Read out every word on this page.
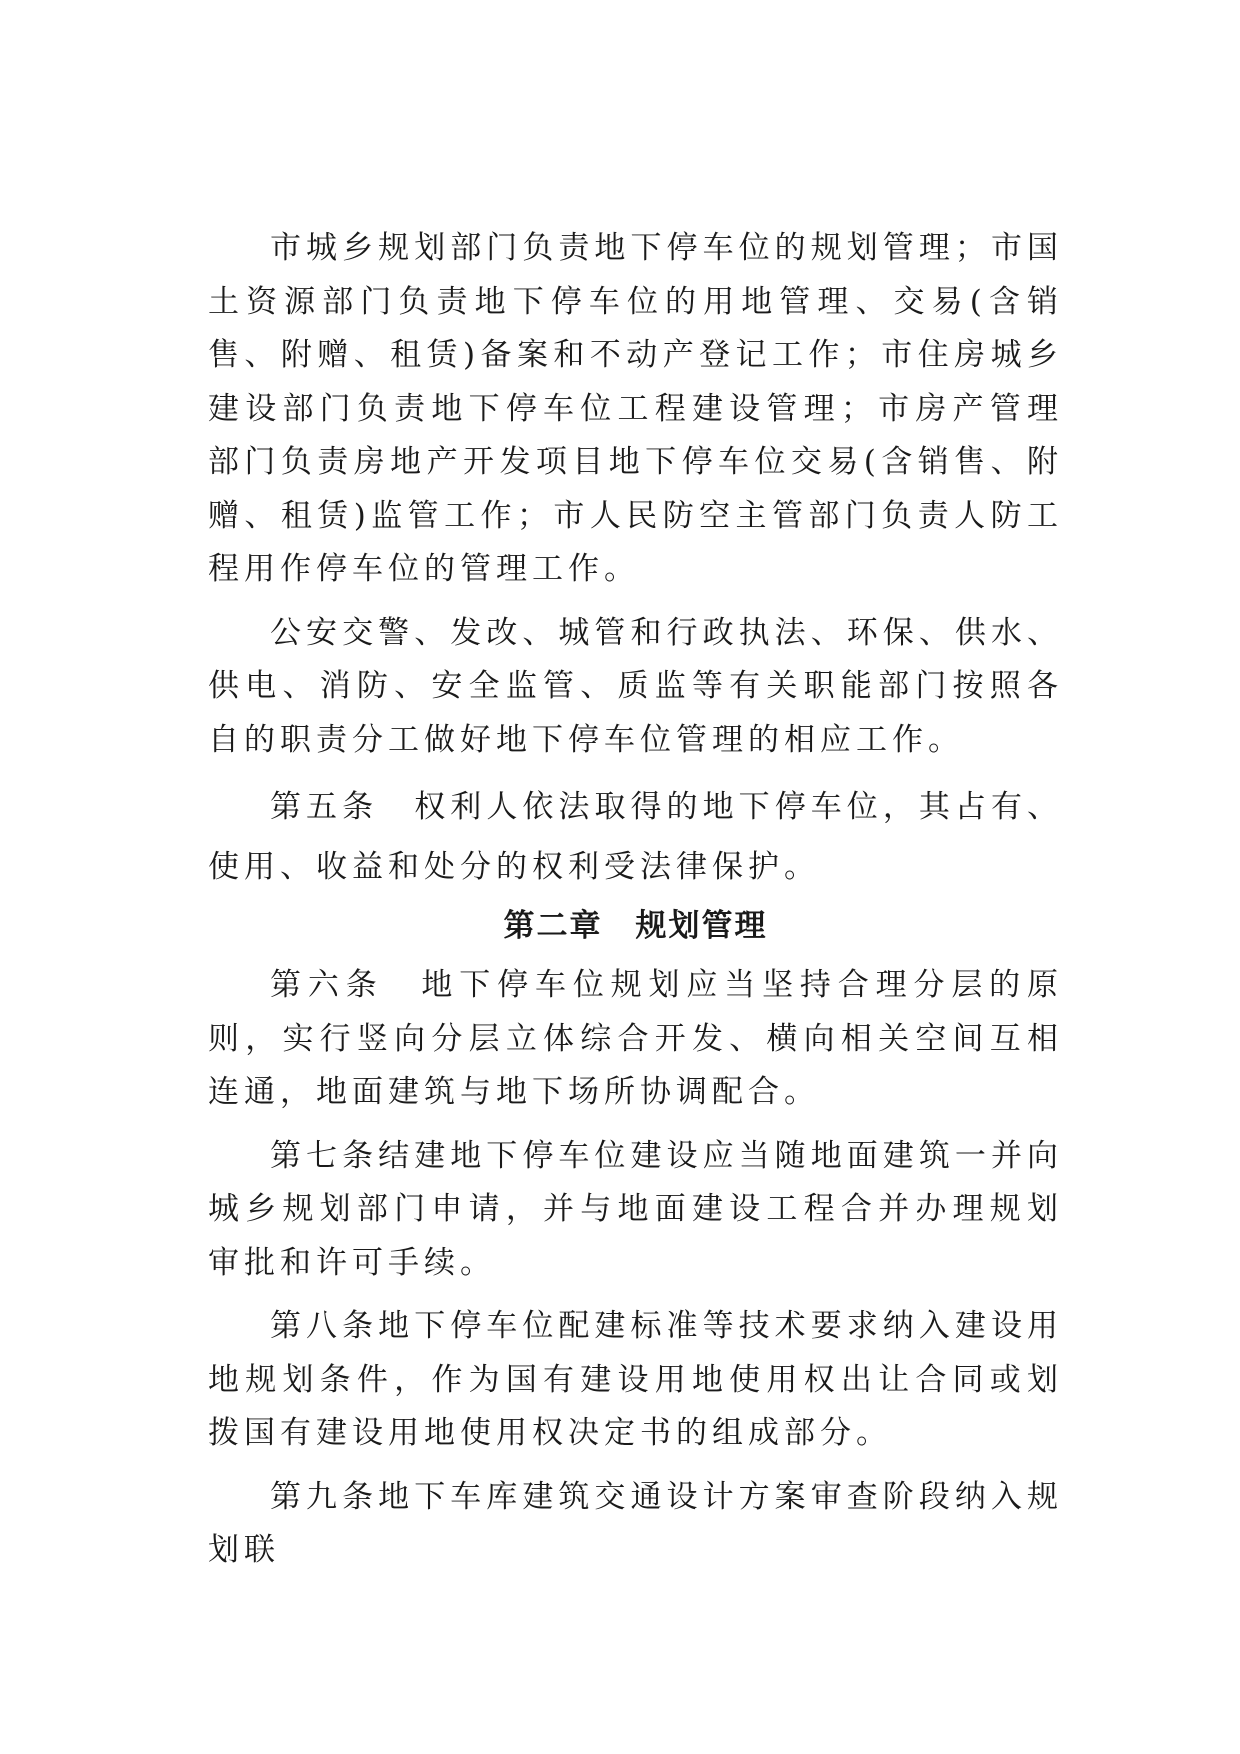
市城乡规划部门负责地下停车位的规划管理；市国土资源部门负责地下停车位的用地管理、交易(含销售、附赠、租赁)备案和不动产登记工作；市住房城乡建设部门负责地下停车位工程建设管理；市房产管理部门负责房地产开发项目地下停车位交易(含销售、附赠、租赁)监管工作；市人民防空主管部门负责人防工程用作停车位的管理工作。

公安交警、发改、城管和行政执法、环保、供水、供电、消防、安全监管、质监等有关职能部门按照各自的职责分工做好地下停车位管理的相应工作。

第五条　 权利人依法取得的地下停车位，其占有、使用、收益和处分的权利受法律保护。

第二章　规划管理

第六条　 地下停车位规划应当坚持合理分层的原则，实行竖向分层立体综合开发、横向相关空间互相连通，地面建筑与地下场所协调配合。

第七条结建地下停车位建设应当随地面建筑一并向城乡规划部门申请，并与地面建设工程合并办理规划审批和许可手续。

第八条地下停车位配建标准等技术要求纳入建设用地规划条件，作为国有建设用地使用权出让合同或划拨国有建设用地使用权决定书的组成部分。

第九条地下车库建筑交通设计方案审查阶段纳入规划联
